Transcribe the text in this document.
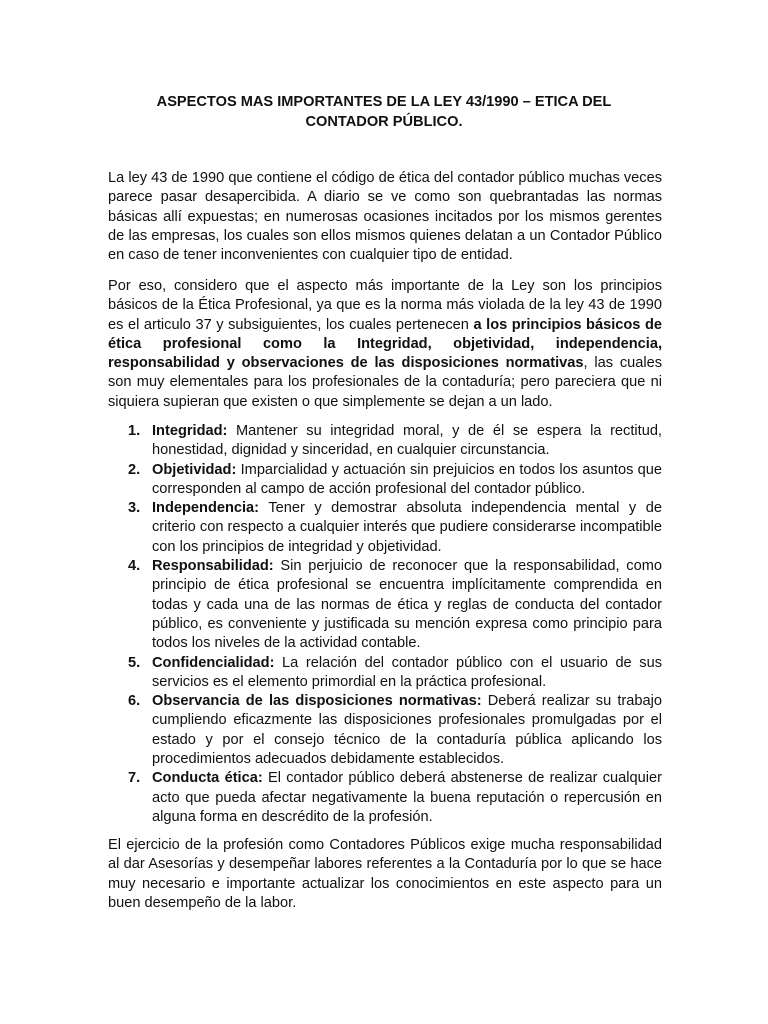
ASPECTOS MAS IMPORTANTES DE LA LEY 43/1990 – ETICA DEL
CONTADOR PÚBLICO.

La ley 43 de 1990 que contiene el código de ética del contador público muchas veces parece pasar desapercibida. A diario se ve como son quebrantadas las normas básicas allí expuestas; en numerosas ocasiones incitados por los mismos gerentes de las empresas, los cuales son ellos mismos quienes delatan a un Contador Público en caso de tener inconvenientes con cualquier tipo de entidad.

Por eso, considero que el aspecto más importante de la Ley son los principios básicos de la Ética Profesional, ya que es la norma más violada de la ley 43 de 1990 es el articulo 37 y subsiguientes, los cuales pertenecen a los principios básicos de ética profesional como la Integridad, objetividad, independencia, responsabilidad y observaciones de las disposiciones normativas, las cuales son muy elementales para los profesionales de la contaduría; pero pareciera que ni siquiera supieran que existen o que simplemente se dejan a un lado.

1. Integridad: Mantener su integridad moral, y de él se espera la rectitud, honestidad, dignidad y sinceridad, en cualquier circunstancia.
2. Objetividad: Imparcialidad y actuación sin prejuicios en todos los asuntos que corresponden al campo de acción profesional del contador público.
3. Independencia: Tener y demostrar absoluta independencia mental y de criterio con respecto a cualquier interés que pudiere considerarse incompatible con los principios de integridad y objetividad.
4. Responsabilidad: Sin perjuicio de reconocer que la responsabilidad, como principio de ética profesional se encuentra implícitamente comprendida en todas y cada una de las normas de ética y reglas de conducta del contador público, es conveniente y justificada su mención expresa como principio para todos los niveles de la actividad contable.
5. Confidencialidad: La relación del contador público con el usuario de sus servicios es el elemento primordial en la práctica profesional.
6. Observancia de las disposiciones normativas: Deberá realizar su trabajo cumpliendo eficazmente las disposiciones profesionales promulgadas por el estado y por el consejo técnico de la contaduría pública aplicando los procedimientos adecuados debidamente establecidos.
7. Conducta ética: El contador público deberá abstenerse de realizar cualquier acto que pueda afectar negativamente la buena reputación o repercusión en alguna forma en descrédito de la profesión.

El ejercicio de la profesión como Contadores Públicos exige mucha responsabilidad al dar Asesorías y desempeñar labores referentes a la Contaduría por lo que se hace muy necesario e importante actualizar los conocimientos en este aspecto para un buen desempeño de la labor.
